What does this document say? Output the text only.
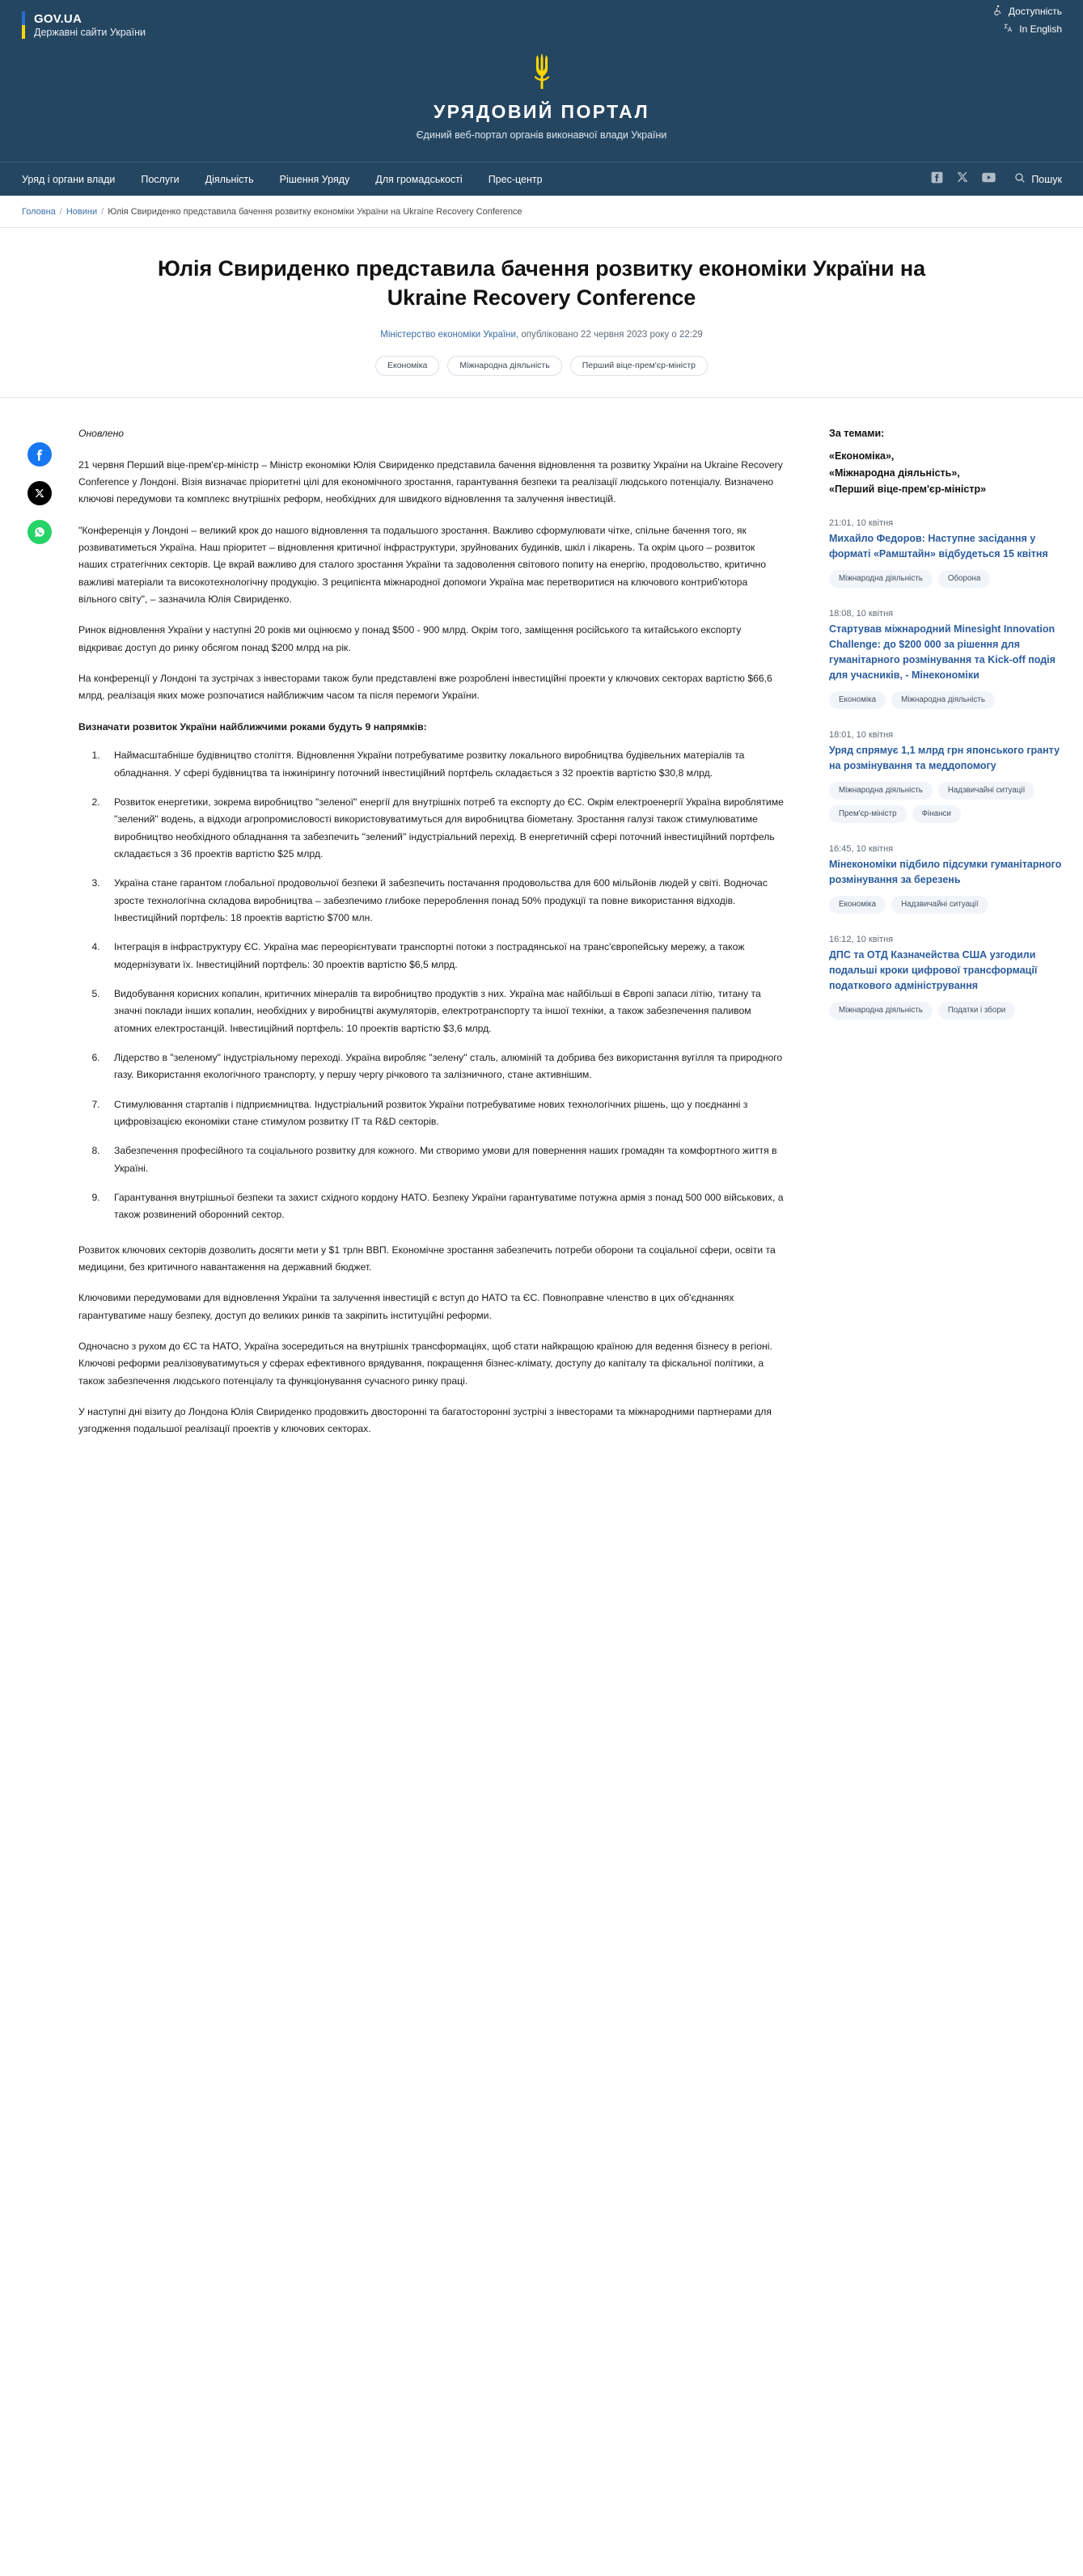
GOV.UA
Державні сайти України
Доступність
In English
УРЯДОВИЙ ПОРТАЛ

Єдиний веб-портал органів виконавчої влади України

Уряд і органи влади	Послуги	Діяльність	Рішення Уряду	Для громадськості	Прес-центр	Пошук
Головна / Новини / Юлія Свириденко представила бачення розвитку економіки України на Ukraine Recovery Conference
Юлія Свириденко представила бачення розвитку економіки України на Ukraine Recovery Conference

Міністерство економіки України, опубліковано 22 червня 2023 року о 22:29

Економіка	Міжнародна діяльність	Перший віце-прем'єр-міністр

Оновлено

21 червня Перший віце-прем'єр-міністр – Міністр економіки Юлія Свириденко представила бачення відновлення та розвитку України на Ukraine Recovery Conference у Лондоні. Візія визначає пріоритетні цілі для економічного зростання, гарантування безпеки та реалізації людського потенціалу. Визначено ключові передумови та комплекс внутрішніх реформ, необхідних для швидкого відновлення та залучення інвестицій.

"Конференція у Лондоні – великий крок до нашого відновлення та подальшого зростання. Важливо сформулювати чітке, спільне бачення того, як розвиватиметься Україна. Наш пріоритет – відновлення критичної інфраструктури, зруйнованих будинків, шкіл і лікарень. Та окрім цього – розвиток наших стратегічних секторів. Це вкрай важливо для сталого зростання України та задоволення світового попиту на енергію, продовольство, критично важливі матеріали та високотехнологічну продукцію. З реципієнта міжнародної допомоги Україна має перетворитися на ключового контриб'ютора вільного світу", – зазначила Юлія Свириденко.

Ринок відновлення України у наступні 20 років ми оцінюємо у понад $500 - 900 млрд. Окрім того, заміщення російського та китайського експорту відкриває доступ до ринку обсягом понад $200 млрд на рік.

На конференції у Лондоні та зустрічах з інвесторами також були представлені вже розроблені інвестиційні проекти у ключових секторах вартістю $66,6 млрд, реалізація яких може розпочатися найближчим часом та після перемоги України.

Визначати розвиток України найближчими роками будуть 9 напрямків:

1. Наймасштабніше будівництво століття. Відновлення України потребуватиме розвитку локального виробництва будівельних матеріалів та обладнання. У сфері будівництва та інжинірингу поточний інвестиційний портфель складається з 32 проектів вартістю $30,8 млрд.
2. Розвиток енергетики, зокрема виробництво "зеленої" енергії для внутрішніх потреб та експорту до ЄС. Окрім електроенергії Україна вироблятиме "зелений" водень, а відходи агропромисловості використовуватимуться для виробництва біометану. Зростання галузі також стимулюватиме виробництво необхідного обладнання та забезпечить "зелений" індустріальний перехід. В енергетичній сфері поточний інвестиційний портфель складається з 36 проектів вартістю $25 млрд.
3. Україна стане гарантом глобальної продовольчої безпеки й забезпечить постачання продовольства для 600 мільйонів людей у світі. Водночас зросте технологічна складова виробництва – забезпечимо глибоке перероблення понад 50% продукції та повне використання відходів. Інвестиційний портфель: 18 проектів вартістю $700 млн.
4. Інтеграція в інфраструктуру ЄС. Україна має переорієнтувати транспортні потоки з пострадянської на транс'європейську мережу, а також модернізувати їх. Інвестиційний портфель: 30 проектів вартістю $6,5 млрд.
5. Видобування корисних копалин, критичних мінералів та виробництво продуктів з них. Україна має найбільші в Європі запаси літію, титану та значні поклади інших копалин, необхідних у виробництві акумуляторів, електротранспорту та іншої техніки, а також забезпечення паливом атомних електростанцій. Інвестиційний портфель: 10 проектів вартістю $3,6 млрд.
6. Лідерство в "зеленому" індустріальному переході. Україна виробляє "зелену" сталь, алюміній та добрива без використання вугілля та природного газу. Використання екологічного транспорту, у першу чергу річкового та залізничного, стане активнішим.
7. Стимулювання стартапів і підприємництва. Індустріальний розвиток України потребуватиме нових технологічних рішень, що у поєднанні з цифровізацією економіки стане стимулом розвитку IT та R&D секторів.
8. Забезпечення професійного та соціального розвитку для кожного. Ми створимо умови для повернення наших громадян та комфортного життя в Україні.
9. Гарантування внутрішньої безпеки та захист східного кордону НАТО. Безпеку України гарантуватиме потужна армія з понад 500 000 військових, а також розвинений оборонний сектор.

Розвиток ключових секторів дозволить досягти мети у $1 трлн ВВП. Економічне зростання забезпечить потреби оборони та соціальної сфери, освіти та медицини, без критичного навантаження на державний бюджет.

Ключовими передумовами для відновлення України та залучення інвестицій є вступ до НАТО та ЄС. Повноправне членство в цих об'єднаннях гарантуватиме нашу безпеку, доступ до великих ринків та закріпить інституційні реформи.

Одночасно з рухом до ЄС та НАТО, Україна зосередиться на внутрішніх трансформаціях, щоб стати найкращою країною для ведення бізнесу в регіоні. Ключові реформи реалізовуватимуться у сферах ефективного врядування, покращення бізнес-клімату, доступу до капіталу та фіскальної політики, а також забезпечення людського потенціалу та функціонування сучасного ринку праці.

У наступні дні візиту до Лондона Юлія Свириденко продовжить двосторонні та багатосторонні зустрічі з інвесторами та міжнародними партнерами для узгодження подальшої реалізації проектів у ключових секторах.

За темами:

«Економіка»,
«Міжнародна діяльність»,
«Перший віце-прем'єр-міністр»

21:01, 10 квітня

Михайло Федоров: Наступне засідання у форматі «Рамштайн» відбудеться 15 квітня
Міжнародна діяльність	Оборона

18:08, 10 квітня

Стартував міжнародний Minesight Innovation Challenge: до $200 000 за рішення для гуманітарного розмінування та Kick-off подія для учасників, - Мінекономіки
Економіка	Міжнародна діяльність

18:01, 10 квітня

Уряд спрямує 1,1 млрд грн японського гранту на розмінування та меддопомогу
Міжнародна діяльність	Надзвичайні ситуації
Прем'єр-міністр	Фінанси

16:45, 10 квітня

Мінекономіки підбило підсумки гуманітарного розмінування за березень
Економіка	Надзвичайні ситуації

16:12, 10 квітня

ДПС та ОТД Казначейства США узгодили подальші кроки цифрової трансформації податкового адміністрування
Міжнародна діяльність	Податки і збори
